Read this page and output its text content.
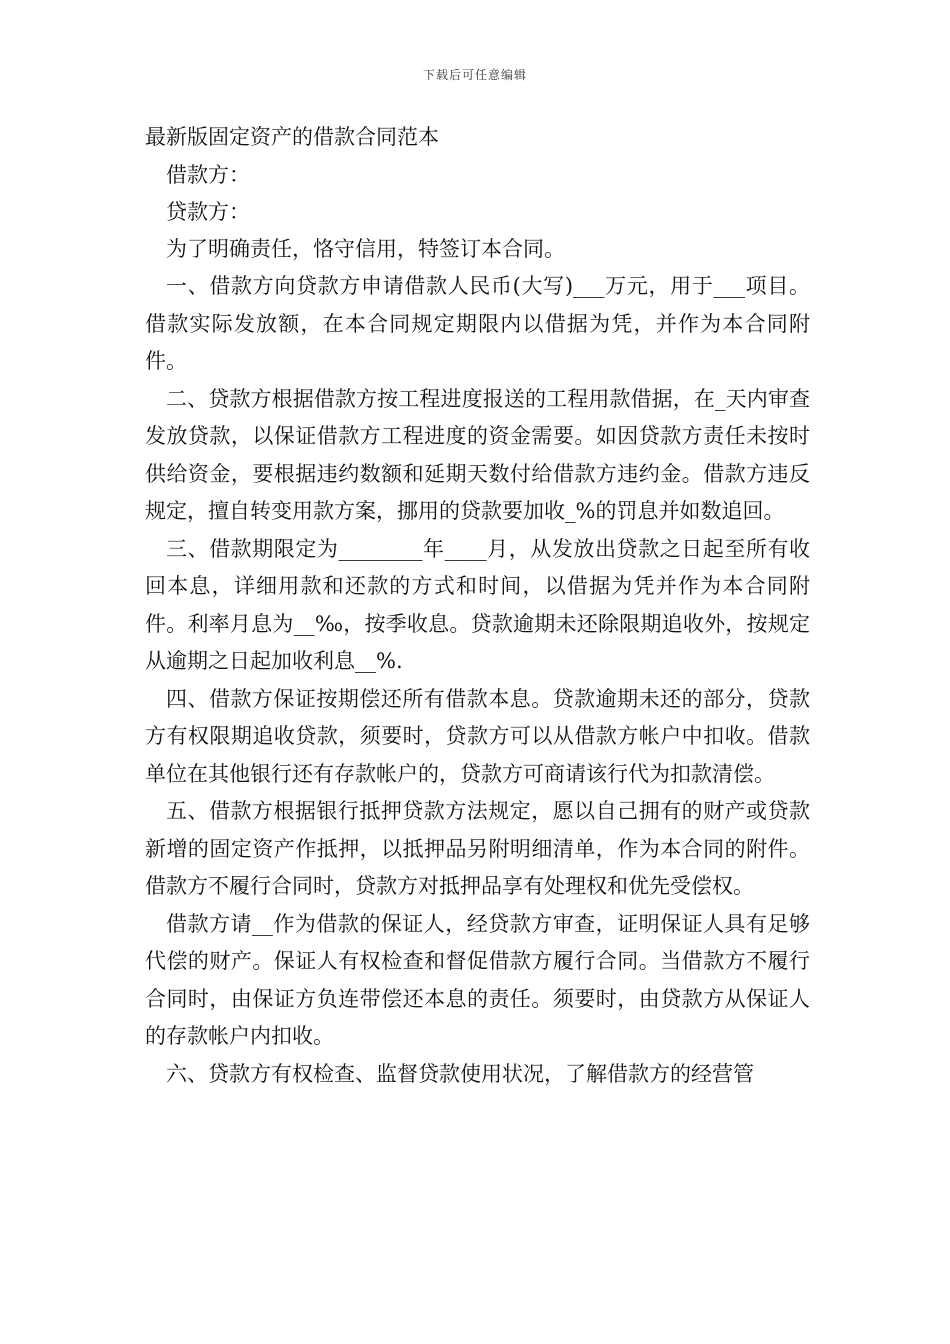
下载后可任意编辑
最新版固定资产的借款合同范本

借款方：

贷款方：

为了明确责任，恪守信用，特签订本合同。

一、借款方向贷款方申请借款人民币(大写)___万元，用于___项目。借款实际发放额，在本合同规定期限内以借据为凭，并作为本合同附件。

二、贷款方根据借款方按工程进度报送的工程用款借据，在_天内审查发放贷款，以保证借款方工程进度的资金需要。如因贷款方责任未按时供给资金，要根据违约数额和延期天数付给借款方违约金。借款方违反规定，擅自转变用款方案，挪用的贷款要加收_%的罚息并如数追回。

三、借款期限定为________年____月，从发放出贷款之日起至所有收回本息，详细用款和还款的方式和时间，以借据为凭并作为本合同附件。利率月息为__‰，按季收息。贷款逾期未还除限期追收外，按规定从逾期之日起加收利息__%.

四、借款方保证按期偿还所有借款本息。贷款逾期未还的部分，贷款方有权限期追收贷款，须要时，贷款方可以从借款方帐户中扣收。借款单位在其他银行还有存款帐户的，贷款方可商请该行代为扣款清偿。

五、借款方根据银行抵押贷款方法规定，愿以自己拥有的财产或贷款新增的固定资产作抵押，以抵押品另附明细清单，作为本合同的附件。借款方不履行合同时，贷款方对抵押品享有处理权和优先受偿权。

借款方请__作为借款的保证人，经贷款方审查，证明保证人具有足够代偿的财产。保证人有权检查和督促借款方履行合同。当借款方不履行合同时，由保证方负连带偿还本息的责任。须要时，由贷款方从保证人的存款帐户内扣收。

六、贷款方有权检查、监督贷款使用状况，了解借款方的经营管
